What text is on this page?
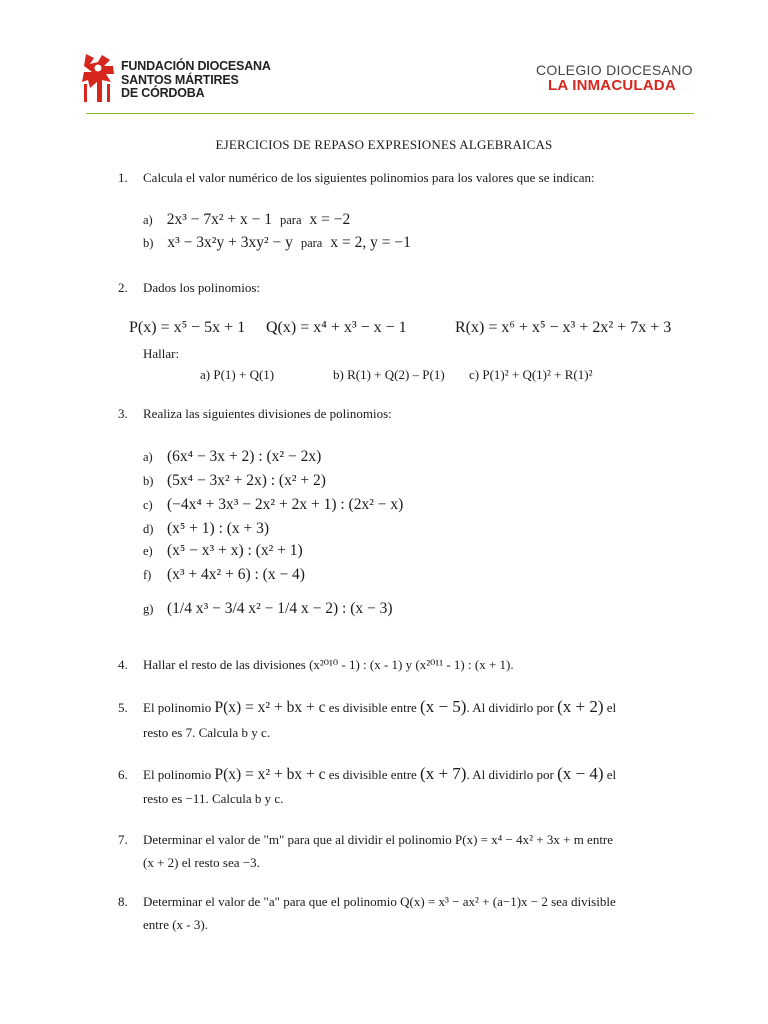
FUNDACIÓN DIOCESANA
SANTOS MÁRTIRES
DE CÓRDOBA
COLEGIO DIOCESANO
LA INMACULADA
EJERCICIOS DE REPASO EXPRESIONES ALGEBRAICAS
1. Calcula el valor numérico de los siguientes polinomios para los valores que se indican:
a) 2x³ − 7x² + x − 1 para x = −2
b) x³ − 3x²y + 3xy² − y para x = 2, y = −1
2. Dados los polinomios:
P(x) = x⁵ − 5x + 1 Q(x) = x⁴ + x³ − x − 1	R(x) = x⁶ + x⁵ − x³ + 2x² + 7x + 3
Hallar:
a) P(1) + Q(1)	b) R(1) + Q(2) – P(1) c) P(1)² + Q(1)² + R(1)²
3. Realiza las siguientes divisiones de polinomios:
a) (6x⁴ − 3x + 2) : (x² − 2x)
b) (5x⁴ − 3x² + 2x) : (x² + 2)
c) (−4x⁴ + 3x³ − 2x² + 2x + 1) : (2x² − x)
d) (x⁵ + 1) : (x + 3)
e) (x⁵ − x³ + x) : (x² + 1)
f) (x³ + 4x² + 6) : (x − 4)
g) (1/4 x³ − 3/4 x² − 1/4 x − 2) : (x − 3)
4. Hallar el resto de las divisiones (x²⁰¹⁰ - 1) : (x - 1) y (x²⁰¹¹ - 1) : (x + 1).
5. El polinomio P(x) = x² + bx + c es divisible entre (x − 5). Al dividirlo por (x + 2) el
resto es 7. Calcula b y c.
6. El polinomio P(x) = x² + bx + c es divisible entre (x + 7). Al dividirlo por (x − 4) el
resto es −11. Calcula b y c.
7. Determinar el valor de "m" para que al dividir el polinomio P(x) = x⁴ − 4x² + 3x + m entre
(x + 2) el resto sea −3.
8. Determinar el valor de "a" para que el polinomio Q(x) = x³ − ax² + (a−1)x − 2 sea divisible
entre (x - 3).
